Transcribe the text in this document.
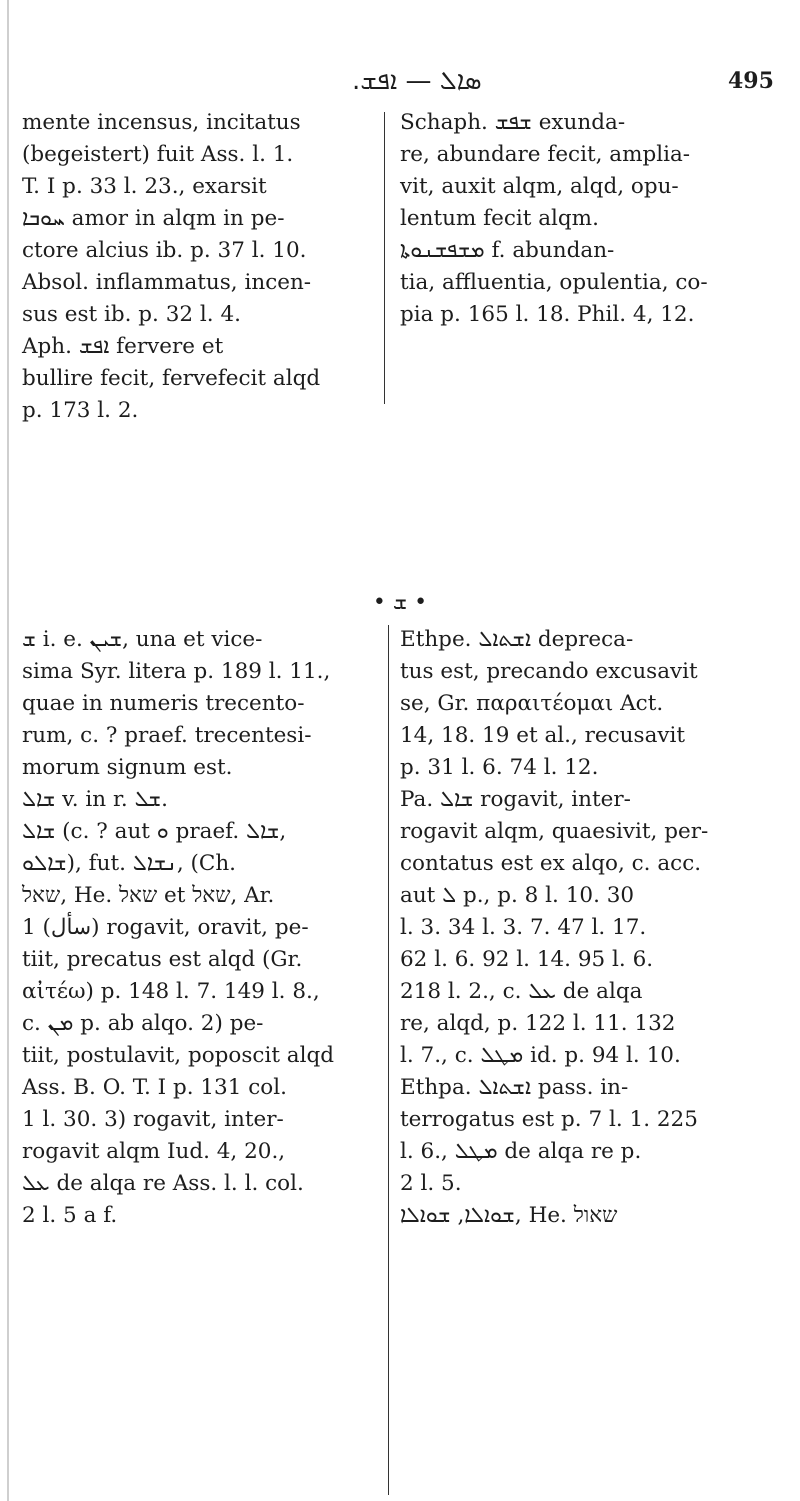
.ܣܐܠ — ܐܦܫ	495

mente incensus, incitatus

(begeistert) fuit Ass. l. 1.

T. I p. 33 l. 23., exarsit

ܚܘܒܐ amor in alqm in pe-

ctore alcius ib. p. 37 l. 10.

Absol. inflammatus, incen-

sus est ib. p. 32 l. 4.

Aph. ܐܦܫ fervere et

bullire fecit, fervefecit alqd

p. 173 l. 2.

Schaph. ܫܦܫ exunda-

re, abundare fecit, amplia-

vit, auxit alqm, alqd, opu-

lentum fecit alqm.

ܡܫܦܫܢܘܬܐ f. abundan-

tia, affluentia, opulentia, co-

pia p. 165 l. 18. Phil. 4, 12.

• ܫ •

ܫ i. e. ܫܝܢ, una et vice-

sima Syr. litera p. 189 l. 11.,

quae in numeris trecento-

rum, c. ? praef. trecentesi-

morum signum est.

ܫܐܠ v. in r. ܫܠ.

ܫܐܠ (c. ? aut ܘ praef. ܫܐܠ,

ܫܐܠܘ), fut. ܢܫܐܠ, (Ch.

שאל, He. שאל et שאל, Ar.

سأل) 1) rogavit, oravit, pe-

tiit, precatus est alqd (Gr.

αἰτέω) p. 148 l. 7. 149 l. 8.,

c. ܡܢ p. ab alqo. 2) pe-

tiit, postulavit, poposcit alqd

Ass. B. O. T. I p. 131 col.

1 l. 30. 3) rogavit, inter-

rogavit alqm Iud. 4, 20.,

ܥܠ de alqa re Ass. l. l. col.

2 l. 5 a f.

Ethpe. ܐܫܬܐܠ depreca-

tus est, precando excusavit

se, Gr. παραιτέομαι Act.

14, 18. 19 et al., recusavit

p. 31 l. 6. 74 l. 12.

Pa. ܫܐܠ rogavit, inter-

rogavit alqm, quaesivit, per-

contatus est ex alqo, c. acc.

aut ܠ p., p. 8 l. 10. 30

l. 3. 34 l. 3. 7. 47 l. 17.

62 l. 6. 92 l. 14. 95 l. 6.

218 l. 2., c. ܥܠ de alqa

re, alqd, p. 122 l. 11. 132

l. 7., c. ܡܛܠ id. p. 94 l. 10.

Ethpa. ܐܫܬܐܠ pass. in-

terrogatus est p. 7 l. 1. 225

l. 6., ܡܛܠ de alqa re p.

2 l. 5.

ܫܘܐܠܐ, ܫܘܐܠܐ, He. שאול
